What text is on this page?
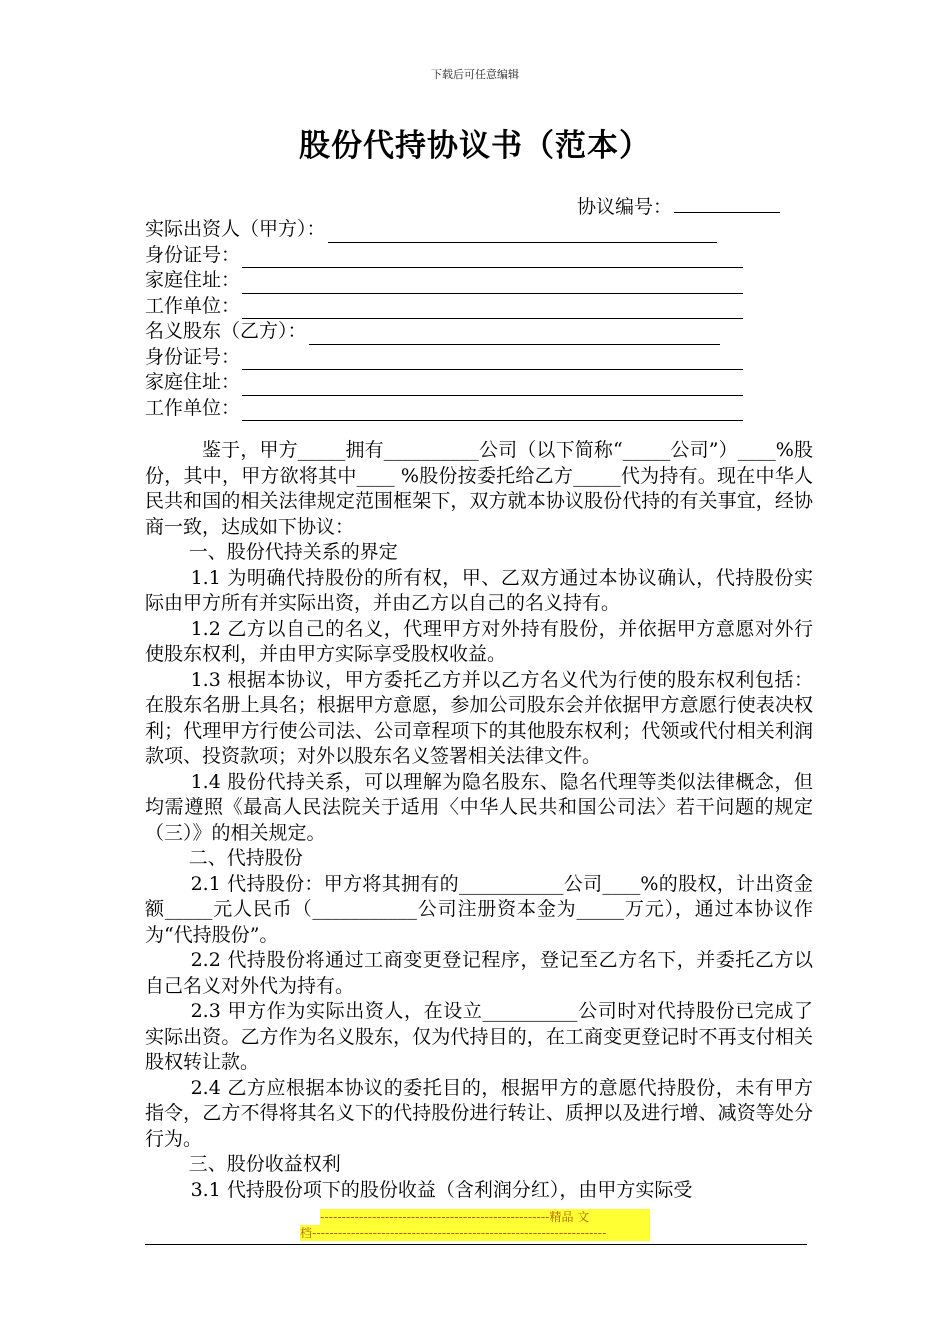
下载后可任意编辑
股份代持协议书（范本）
协议编号：
实际出资人（甲方）：
身份证号：
家庭住址：
工作单位：
名义股东（乙方）：
身份证号：
家庭住址：
工作单位：

鉴于，甲方_____拥有__________公司（以下简称“_____公司”）____%股份，其中，甲方欲将其中____ %股份按委托给乙方_____代为持有。现在中华人民共和国的相关法律规定范围框架下，双方就本协议股份代持的有关事宜，经协商一致，达成如下协议：

一、股份代持关系的界定

1.1 为明确代持股份的所有权，甲、乙双方通过本协议确认，代持股份实际由甲方所有并实际出资，并由乙方以自己的名义持有。

1.2 乙方以自己的名义，代理甲方对外持有股份，并依据甲方意愿对外行使股东权利，并由甲方实际享受股权收益。

1.3 根据本协议，甲方委托乙方并以乙方名义代为行使的股东权利包括：在股东名册上具名；根据甲方意愿，参加公司股东会并依据甲方意愿行使表决权利；代理甲方行使公司法、公司章程项下的其他股东权利；代领或代付相关利润款项、投资款项；对外以股东名义签署相关法律文件。

1.4 股份代持关系，可以理解为隐名股东、隐名代理等类似法律概念，但均需遵照《最高人民法院关于适用〈中华人民共和国公司法〉若干问题的规定（三）》的相关规定。

二、代持股份

2.1 代持股份：甲方将其拥有的___________公司____%的股权，计出资金额_____元人民币（___________公司注册资本金为_____万元），通过本协议作为“代持股份”。

2.2 代持股份将通过工商变更登记程序，登记至乙方名下，并委托乙方以自己名义对外代为持有。

2.3 甲方作为实际出资人，在设立__________公司时对代持股份已完成了实际出资。乙方作为名义股东，仅为代持目的，在工商变更登记时不再支付相关股权转让款。

2.4 乙方应根据本协议的委托目的，根据甲方的意愿代持股份，未有甲方指令，乙方不得将其名义下的代持股份进行转让、质押以及进行增、减资等处分行为。

三、股份收益权利

3.1 代持股份项下的股份收益（含利润分红），由甲方实际受

-----------------------------------------------------精品 文
档--------------------------------------------------------------------
